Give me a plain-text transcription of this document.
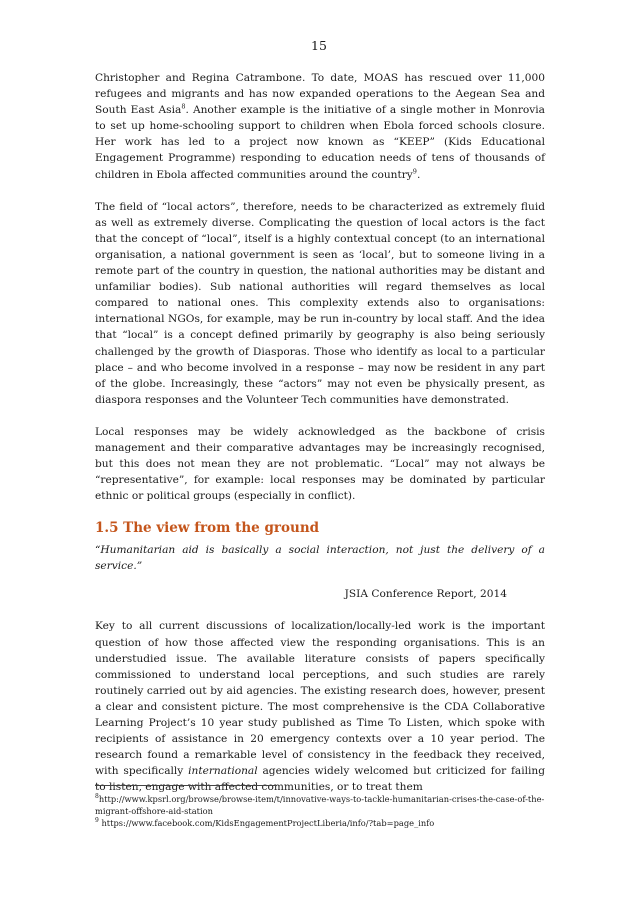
15

Christopher and Regina Catrambone. To date, MOAS has rescued over 11,000 refugees and migrants and has now expanded operations to the Aegean Sea and South East Asia$^8$. Another example is the initiative of a single mother in Monrovia to set up home-schooling support to children when Ebola forced schools closure. Her work has led to a project now known as “KEEP” (Kids Educational Engagement Programme) responding to education needs of tens of thousands of children in Ebola affected communities around the country$^9$.

The field of “local actors”, therefore, needs to be characterized as extremely fluid as well as extremely diverse. Complicating the question of local actors is the fact that the concept of “local”, itself is a highly contextual concept (to an international organisation, a national government is seen as ‘local’, but to someone living in a remote part of the country in question, the national authorities may be distant and unfamiliar bodies). Sub national authorities will regard themselves as local compared to national ones. This complexity extends also to organisations: international NGOs, for example, may be run in-country by local staff. And the idea that “local” is a concept defined primarily by geography is also being seriously challenged by the growth of Diasporas. Those who identify as local to a particular place – and who become involved in a response – may now be resident in any part of the globe. Increasingly, these “actors” may not even be physically present, as diaspora responses and the Volunteer Tech communities have demonstrated.

Local responses may be widely acknowledged as the backbone of crisis management and their comparative advantages may be increasingly recognised, but this does not mean they are not problematic. “Local” may not always be “representative”, for example: local responses may be dominated by particular ethnic or political groups (especially in conflict).

1.5 The view from the ground

“Humanitarian aid is basically a social interaction, not just the delivery of a service.”

JSIA Conference Report, 2014

Key to all current discussions of localization/locally-led work is the important question of how those affected view the responding organisations. This is an understudied issue. The available literature consists of papers specifically commissioned to understand local perceptions, and such studies are rarely routinely carried out by aid agencies. The existing research does, however, present a clear and consistent picture. The most comprehensive is the CDA Collaborative Learning Project’s 10 year study published as Time To Listen, which spoke with recipients of assistance in 20 emergency contexts over a 10 year period. The research found a remarkable level of consistency in the feedback they received, with specifically international agencies widely welcomed but criticized for failing to listen, engage with affected communities, or to treat them

$^8$http://www.kpsrl.org/browse/browse-item/t/innovative-ways-to-tackle-humanitarian-crises-the-case-of-the-migrant-offshore-aid-station

$^9$ https://www.facebook.com/KidsEngagementProjectLiberia/info/?tab=page_info
